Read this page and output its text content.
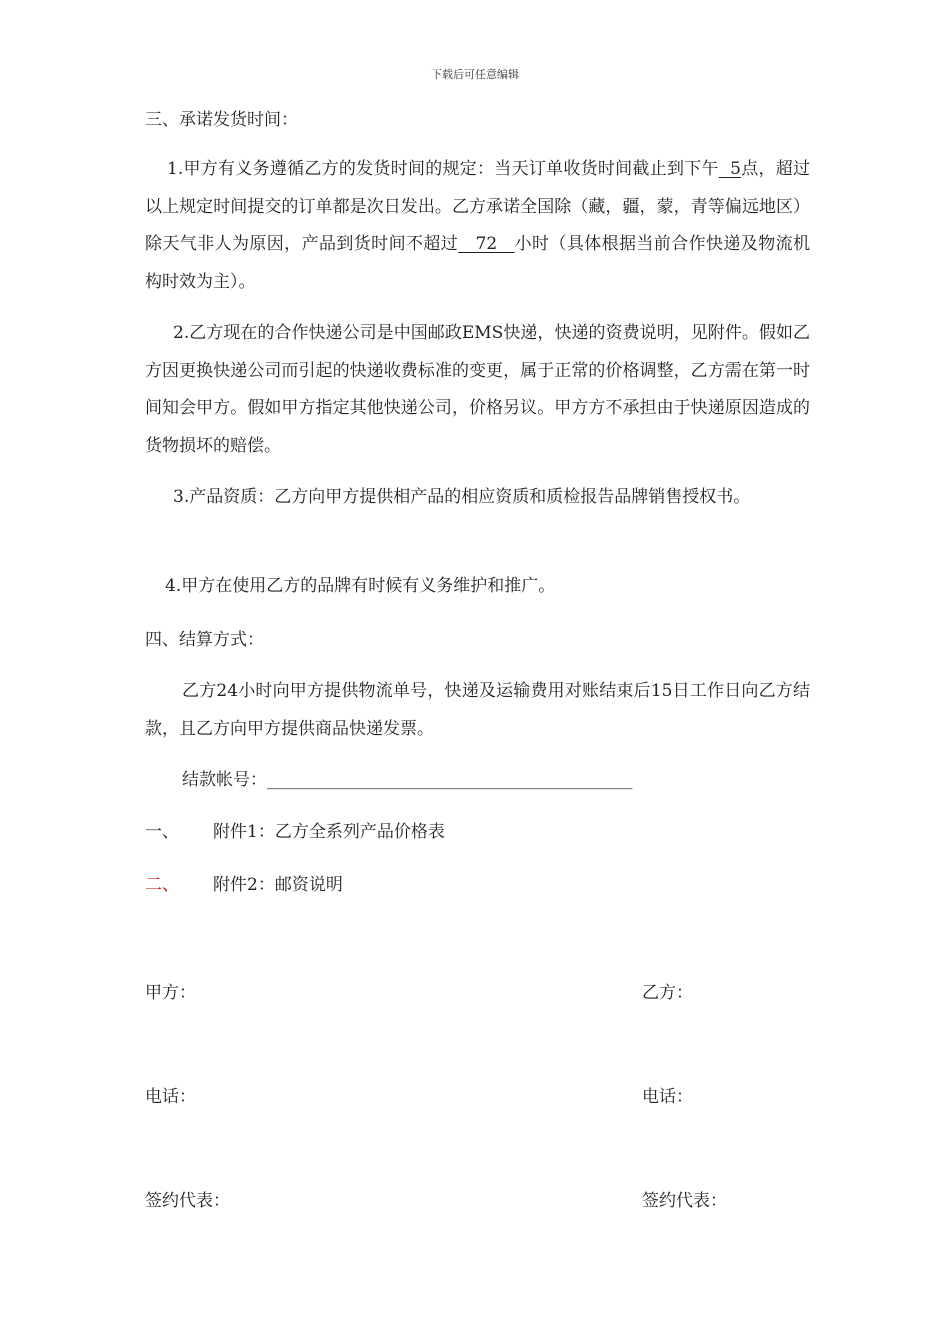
下载后可任意编辑
三、承诺发货时间：
1.甲方有义务遵循乙方的发货时间的规定：当天订单收货时间截止到下午  5点，超过以上规定时间提交的订单都是次日发出。乙方承诺全国除（藏，疆，蒙，青等偏远地区）除天气非人为原因，产品到货时间不超过   72   小时（具体根据当前合作快递及物流机构时效为主）。
2.乙方现在的合作快递公司是中国邮政EMS快递，快递的资费说明，见附件。假如乙方因更换快递公司而引起的快递收费标准的变更，属于正常的价格调整，乙方需在第一时间知会甲方。假如甲方指定其他快递公司，价格另议。甲方方不承担由于快递原因造成的货物损坏的赔偿。
3.产品资质：乙方向甲方提供相产品的相应资质和质检报告品牌销售授权书。
4.甲方在使用乙方的品牌有时候有义务维护和推广。
四、结算方式：
乙方24小时向甲方提供物流单号，快递及运输费用对账结束后15日工作日向乙方结款，且乙方向甲方提供商品快递发票。
结款帐号：___________________________________________
一、 附件1：乙方全系列产品价格表
二、 附件2：邮资说明
甲方：	乙方：
电话：	电话：
签约代表：	签约代表：
